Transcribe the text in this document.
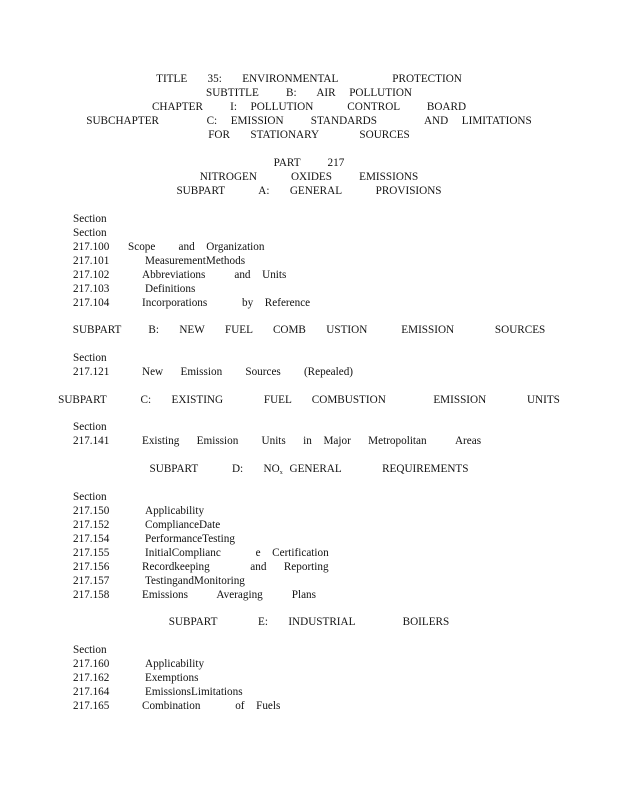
TITLE   35:   ENVIRONMENTAL        PROTECTION
SUBTITLE    B:   AIR  POLLUTION
CHAPTER    I:  POLLUTION     CONTROL    BOARD
SUBCHAPTER       C:  EMISSION    STANDARDS       AND  LIMITATIONS
FOR   STATIONARY      SOURCES
PART    217
NITROGEN     OXIDES    EMISSIONS
SUBPART     A:   GENERAL     PROVISIONS
Section
Section
217.100	Scope    and  Organization
217.101	MeasurementMethods
217.102	Abbreviations     and  Units
217.103	Definitions
217.104	Incorporations      by  Reference
SUBPART    B:   NEW   FUEL   COMB   USTION     EMISSION      SOURCES
Section
217.121	New   Emission    Sources    (Repealed)
SUBPART     C:   EXISTING      FUEL   COMBUSTION       EMISSION      UNITS
Section
217.141	Existing   Emission    Units   in  Major   Metropolitan     Areas
SUBPART     D:   $NO_x$ GENERAL      REQUIREMENTS
Section
217.150	Applicability
217.152	ComplianceDate
217.154	PerformanceTesting
217.155	InitialComplianc      e  Certification
217.156	Recordkeeping       and   Reporting
217.157	TestingandMonitoring
217.158	Emissions     Averaging     Plans
SUBPART      E:   INDUSTRIAL       BOILERS
Section
217.160	Applicability
217.162	Exemptions
217.164	EmissionsLimitations
217.165	Combination      of  Fuels
